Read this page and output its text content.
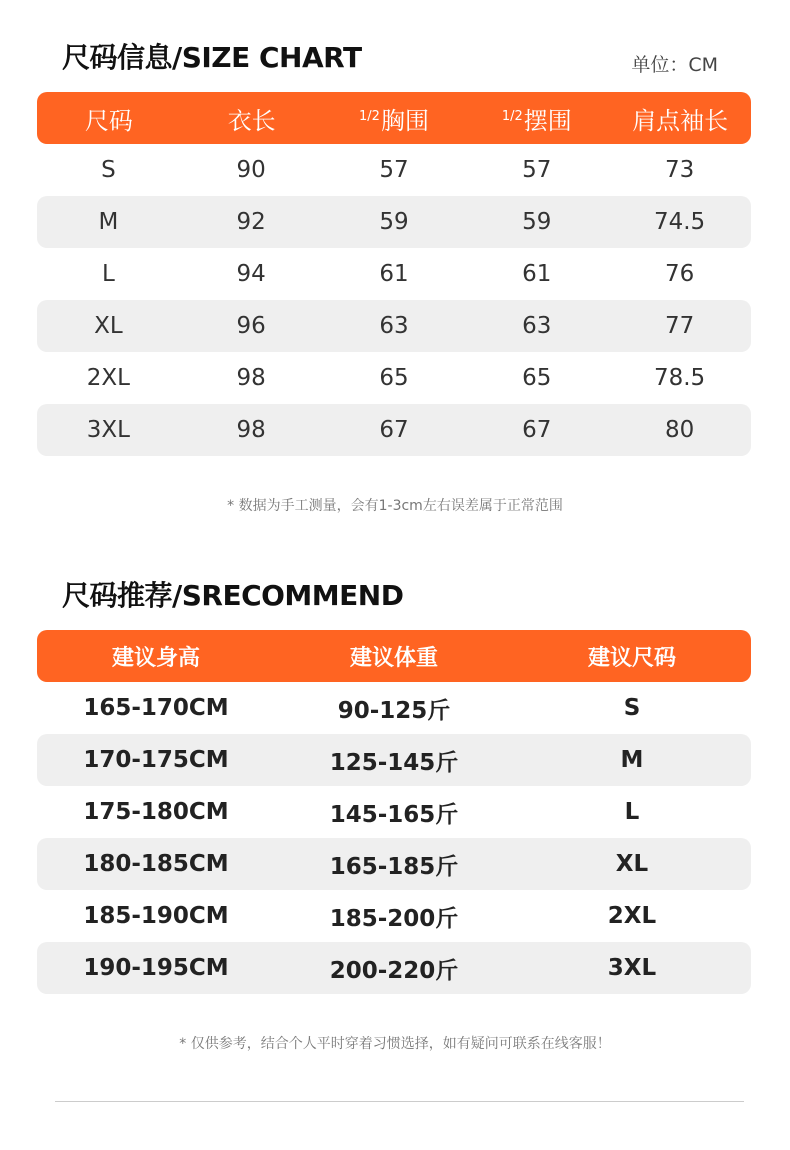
尺码信息/SIZE CHART	单位：CM
尺码	衣长	$^{1/2}$胸围	$^{1/2}$摆围	肩点袖长
S	90	57	57	73
M	92	59	59	74.5
L	94	61	61	76
XL	96	63	63	77
2XL	98	65	65	78.5
3XL	98	67	67	80

* 数据为手工测量，会有1-3cm左右误差属于正常范围

尺码推荐/SRECOMMEND
建议身高	建议体重	建议尺码
165-170CM	90-125斤	S
170-175CM	125-145斤	M
175-180CM	145-165斤	L
180-185CM	165-185斤	XL
185-190CM	185-200斤	2XL
190-195CM	200-220斤	3XL

* 仅供参考，结合个人平时穿着习惯选择，如有疑问可联系在线客服！
